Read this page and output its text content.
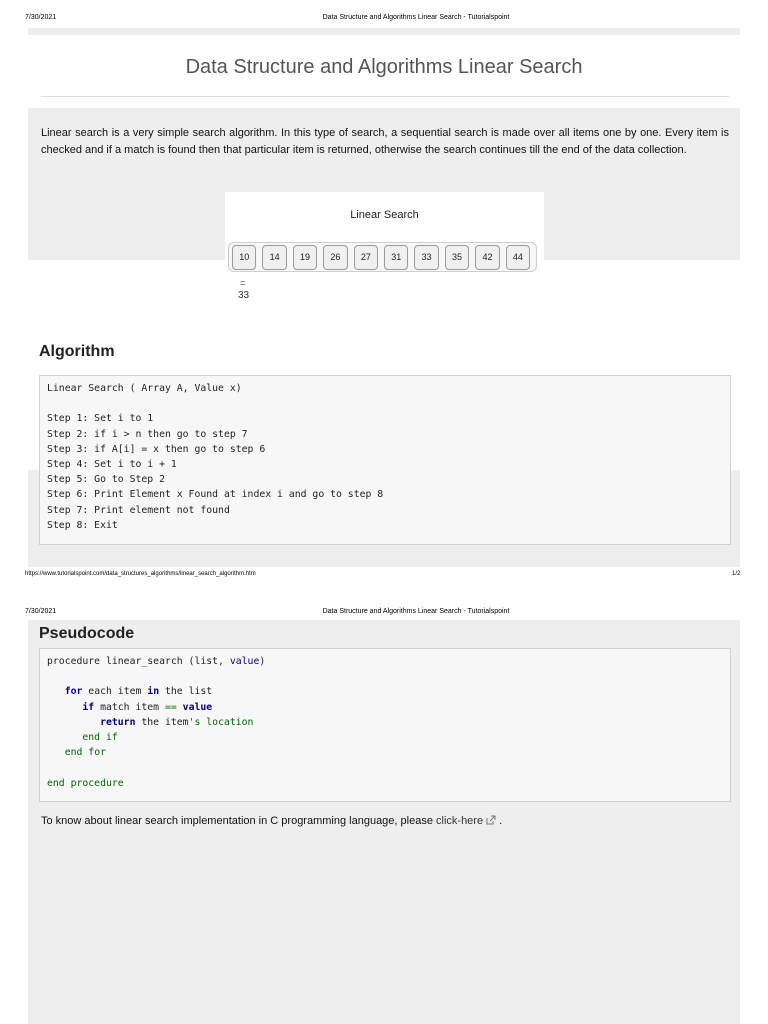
7/30/2021	Data Structure and Algorithms Linear Search - Tutorialspoint
Data Structure and Algorithms Linear Search
Linear search is a very simple search algorithm. In this type of search, a sequential search is made over all items one by one. Every item is checked and if a match is found then that particular item is returned, otherwise the search continues till the end of the data collection.
Linear Search
10	14	19	26	27	31	33	35	42	44
=
33
Algorithm
Linear Search ( Array A, Value x)

Step 1: Set i to 1
Step 2: if i > n then go to step 7
Step 3: if A[i] = x then go to step 6
Step 4: Set i to i + 1
Step 5: Go to Step 2
Step 6: Print Element x Found at index i and go to step 8
Step 7: Print element not found
Step 8: Exit
https://www.tutorialspoint.com/data_structures_algorithms/linear_search_algorithm.htm	1/2
7/30/2021	Data Structure and Algorithms Linear Search - Tutorialspoint
Pseudocode
procedure linear_search (list, value)

for each item in the list
if match item == value
return the item's location
end if
end for

end procedure
To know about linear search implementation in C programming language, please click-here .
